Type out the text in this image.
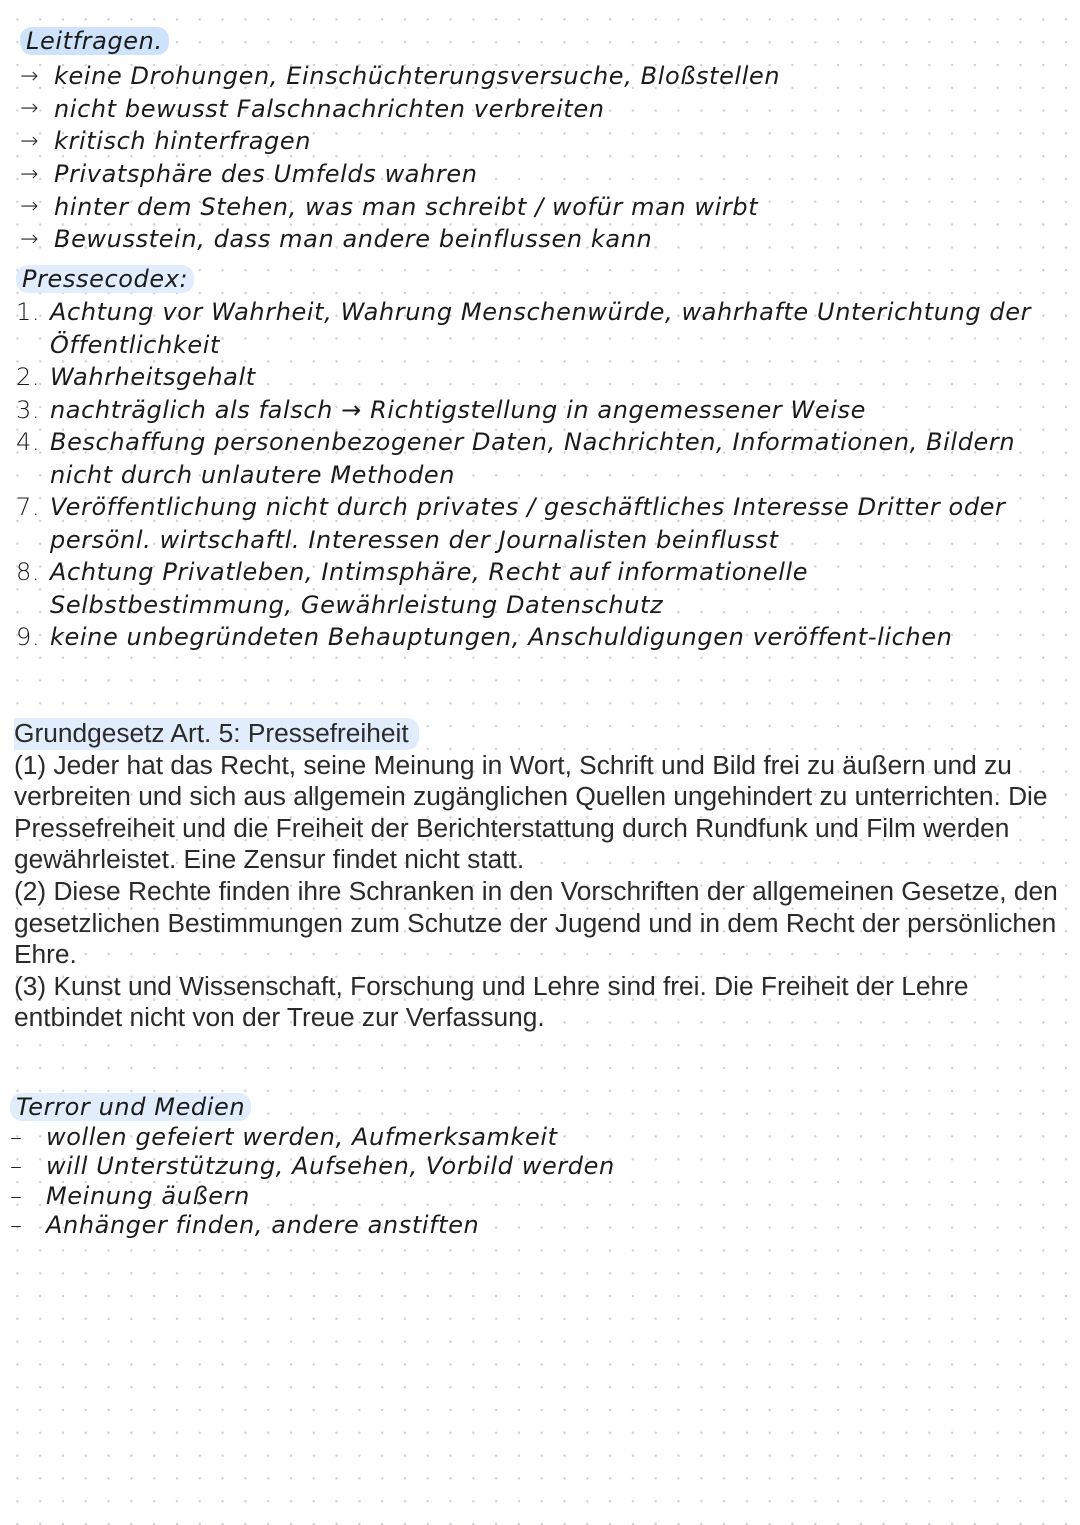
Leitfragen.
→ keine Drohungen, Einschüchterungsversuche, Bloßstellen
→ nicht bewusst Falschnachrichten verbreiten
→ kritisch hinterfragen
→ Privatsphäre des Umfelds wahren
→ hinter dem Stehen, was man schreibt / wofür man wirbt
→ Bewusstein, dass man andere beinflussen kann
Pressecodex:
1. Achtung vor Wahrheit, Wahrung Menschenwürde, wahrhafte Unterichtung der Öffentlichkeit
2. Wahrheitsgehalt
3. nachträglich als falsch → Richtigstellung in angemessener Weise
4. Beschaffung personenbezogener Daten, Nachrichten, Informationen, Bildern nicht durch unlautere Methoden
7. Veröffentlichung nicht durch privates / geschäftliches Interesse Dritter oder persönl. wirtschaftl. Interessen der Journalisten beinflusst
8. Achtung Privatleben, Intimsphäre, Recht auf informationelle Selbstbestimmung, Gewährleistung Datenschutz
9. keine unbegründeten Behauptungen, Anschuldigungen veröffent-lichen
Grundgesetz Art. 5: Pressefreiheit

(1) Jeder hat das Recht, seine Meinung in Wort, Schrift und Bild frei zu äußern und zu verbreiten und sich aus allgemein zugänglichen Quellen ungehindert zu unterrichten. Die Pressefreiheit und die Freiheit der Berichterstattung durch Rundfunk und Film werden gewährleistet. Eine Zensur findet nicht statt.

(2) Diese Rechte finden ihre Schranken in den Vorschriften der allgemeinen Gesetze, den gesetzlichen Bestimmungen zum Schutze der Jugend und in dem Recht der persönlichen Ehre.

(3) Kunst und Wissenschaft, Forschung und Lehre sind frei. Die Freiheit der Lehre entbindet nicht von der Treue zur Verfassung.

Terror und Medien
– wollen gefeiert werden, Aufmerksamkeit
– will Unterstützung, Aufsehen, Vorbild werden
– Meinung äußern
– Anhänger finden, andere anstiften
